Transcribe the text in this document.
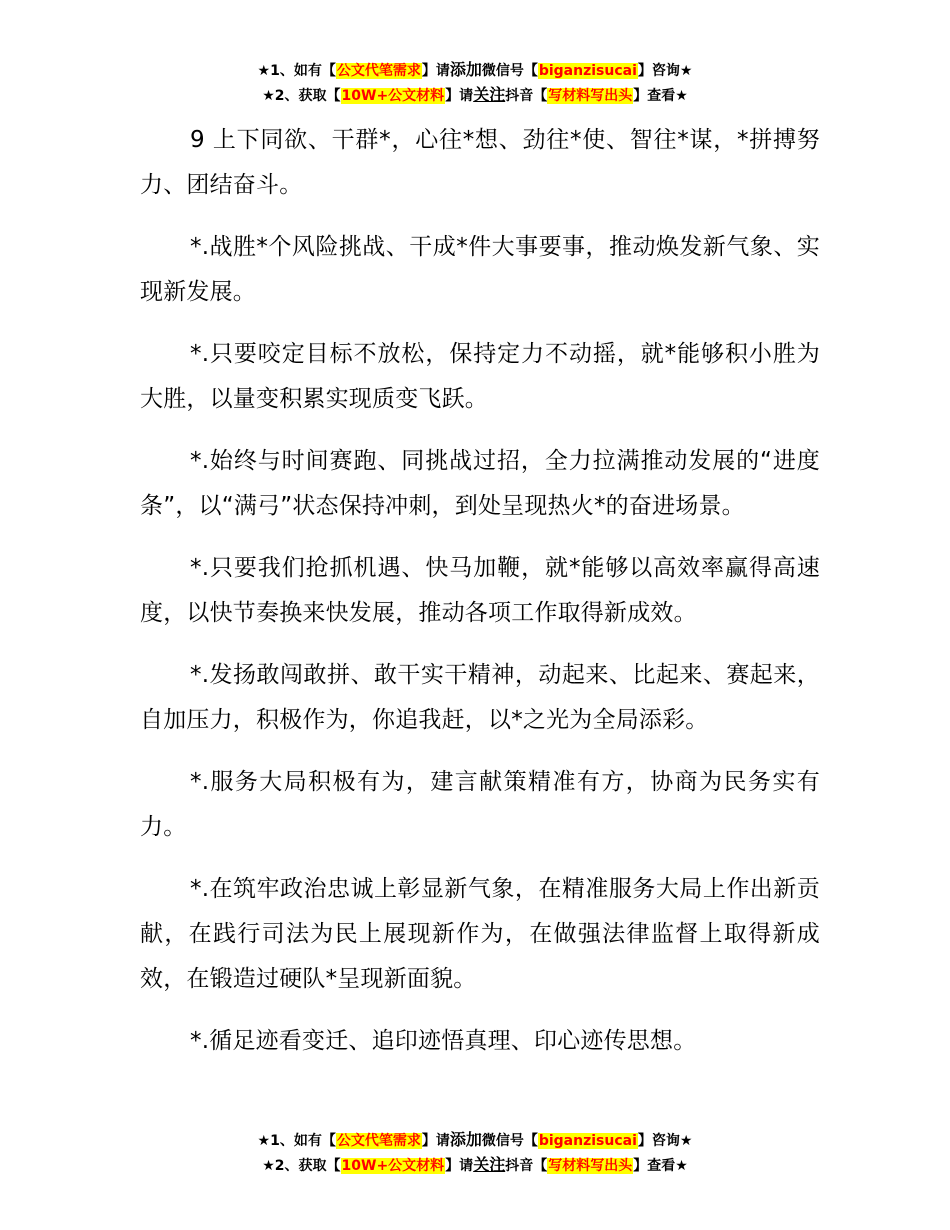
★1、如有【公文代笔需求】请添加微信号【biganzisucai】咨询★
★2、获取【10W+公文材料】请关注抖音【写材料写出头】查看★

9 上下同欲、干群*，心往*想、劲往*使、智往*谋，*拼搏努力、团结奋斗。

*.战胜*个风险挑战、干成*件大事要事，推动焕发新气象、实现新发展。

*.只要咬定目标不放松，保持定力不动摇，就*能够积小胜为大胜，以量变积累实现质变飞跃。

*.始终与时间赛跑、同挑战过招，全力拉满推动发展的“进度条”，以“满弓”状态保持冲刺，到处呈现热火*的奋进场景。

*.只要我们抢抓机遇、快马加鞭，就*能够以高效率赢得高速度，以快节奏换来快发展，推动各项工作取得新成效。

*.发扬敢闯敢拼、敢干实干精神，动起来、比起来、赛起来，自加压力，积极作为，你追我赶，以*之光为全局添彩。

*.服务大局积极有为，建言献策精准有方，协商为民务实有力。

*.在筑牢政治忠诚上彰显新气象，在精准服务大局上作出新贡献，在践行司法为民上展现新作为，在做强法律监督上取得新成效，在锻造过硬队*呈现新面貌。

*.循足迹看变迁、追印迹悟真理、印心迹传思想。

★1、如有【公文代笔需求】请添加微信号【biganzisucai】咨询★
★2、获取【10W+公文材料】请关注抖音【写材料写出头】查看★
